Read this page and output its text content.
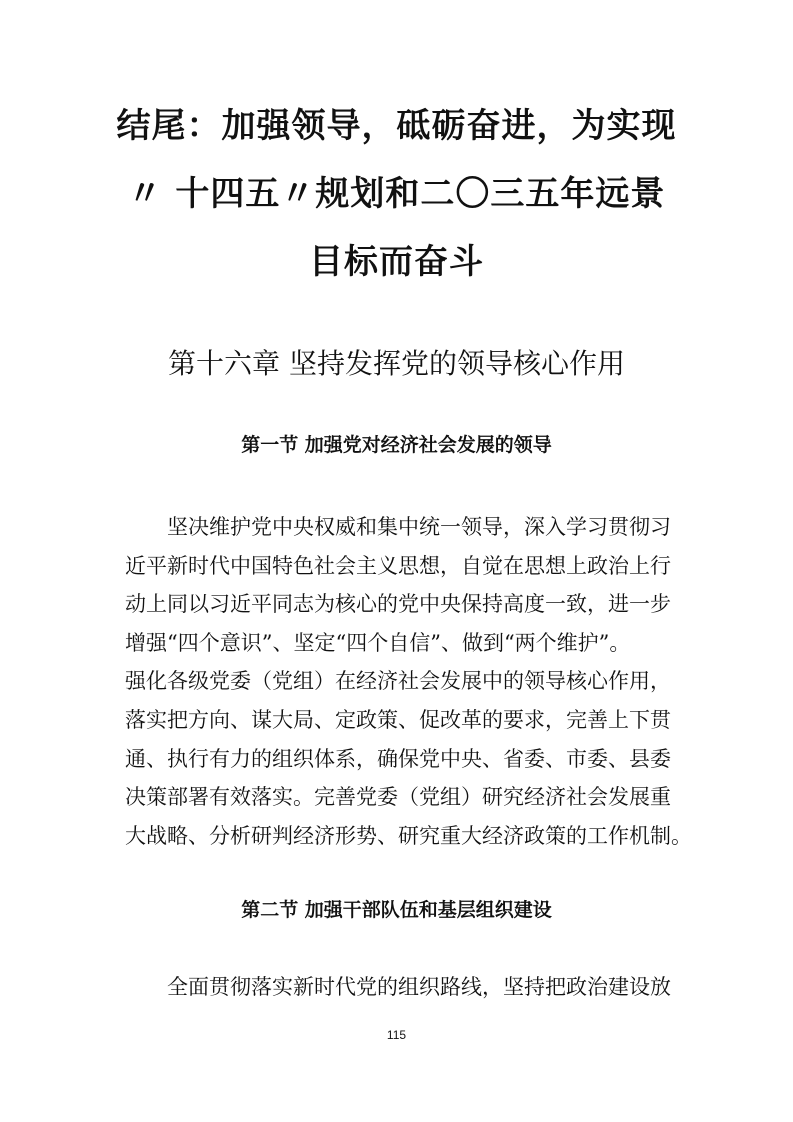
结尾：加强领导，砥砺奋进，为实现
〃 十四五〃规划和二〇三五年远景
目标而奋斗
第十六章 坚持发挥党的领导核心作用
第一节 加强党对经济社会发展的领导
坚决维护党中央权威和集中统一领导，深入学习贯彻习
近平新时代中国特色社会主义思想，自觉在思想上政治上行
动上同以习近平同志为核心的党中央保持高度一致，进一步
增强“四个意识”、坚定“四个自信”、做到“两个维护”。
强化各级党委（党组）在经济社会发展中的领导核心作用，
落实把方向、谋大局、定政策、促改革的要求，完善上下贯
通、执行有力的组织体系，确保党中央、省委、市委、县委
决策部署有效落实。完善党委（党组）研究经济社会发展重
大战略、分析研判经济形势、研究重大经济政策的工作机制。
第二节 加强干部队伍和基层组织建设
全面贯彻落实新时代党的组织路线，坚持把政治建设放
115
